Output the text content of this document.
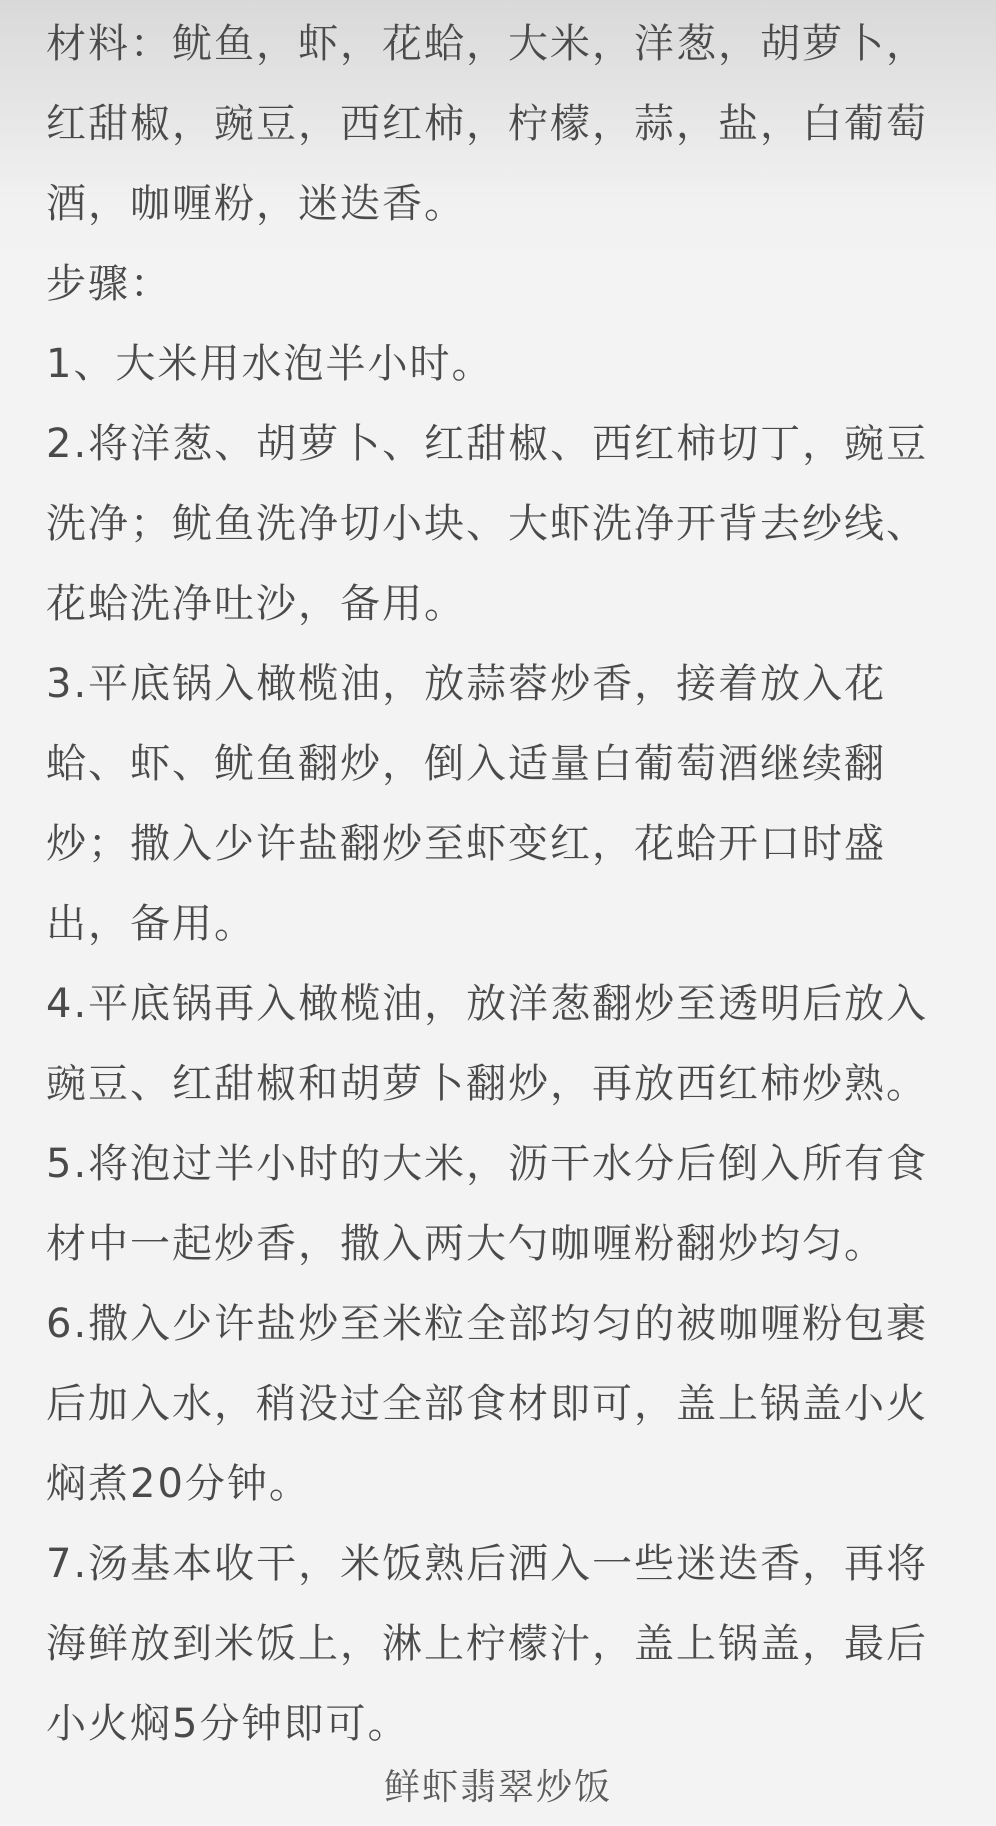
材料：鱿鱼，虾，花蛤，大米，洋葱，胡萝卜，红甜椒，豌豆，西红柿，柠檬，蒜，盐，白葡萄酒，咖喱粉，迷迭香。

步骤：

1、大米用水泡半小时。

2.将洋葱、胡萝卜、红甜椒、西红柿切丁，豌豆洗净；鱿鱼洗净切小块、大虾洗净开背去纱线、花蛤洗净吐沙，备用。

3.平底锅入橄榄油，放蒜蓉炒香，接着放入花蛤、虾、鱿鱼翻炒，倒入适量白葡萄酒继续翻炒；撒入少许盐翻炒至虾变红，花蛤开口时盛出，备用。

4.平底锅再入橄榄油，放洋葱翻炒至透明后放入豌豆、红甜椒和胡萝卜翻炒，再放西红柿炒熟。

5.将泡过半小时的大米，沥干水分后倒入所有食材中一起炒香，撒入两大勺咖喱粉翻炒均匀。

6.撒入少许盐炒至米粒全部均匀的被咖喱粉包裹后加入水，稍没过全部食材即可，盖上锅盖小火焖煮20分钟。

7.汤基本收干，米饭熟后洒入一些迷迭香，再将海鲜放到米饭上，淋上柠檬汁，盖上锅盖，最后小火焖5分钟即可。

鲜虾翡翠炒饭
